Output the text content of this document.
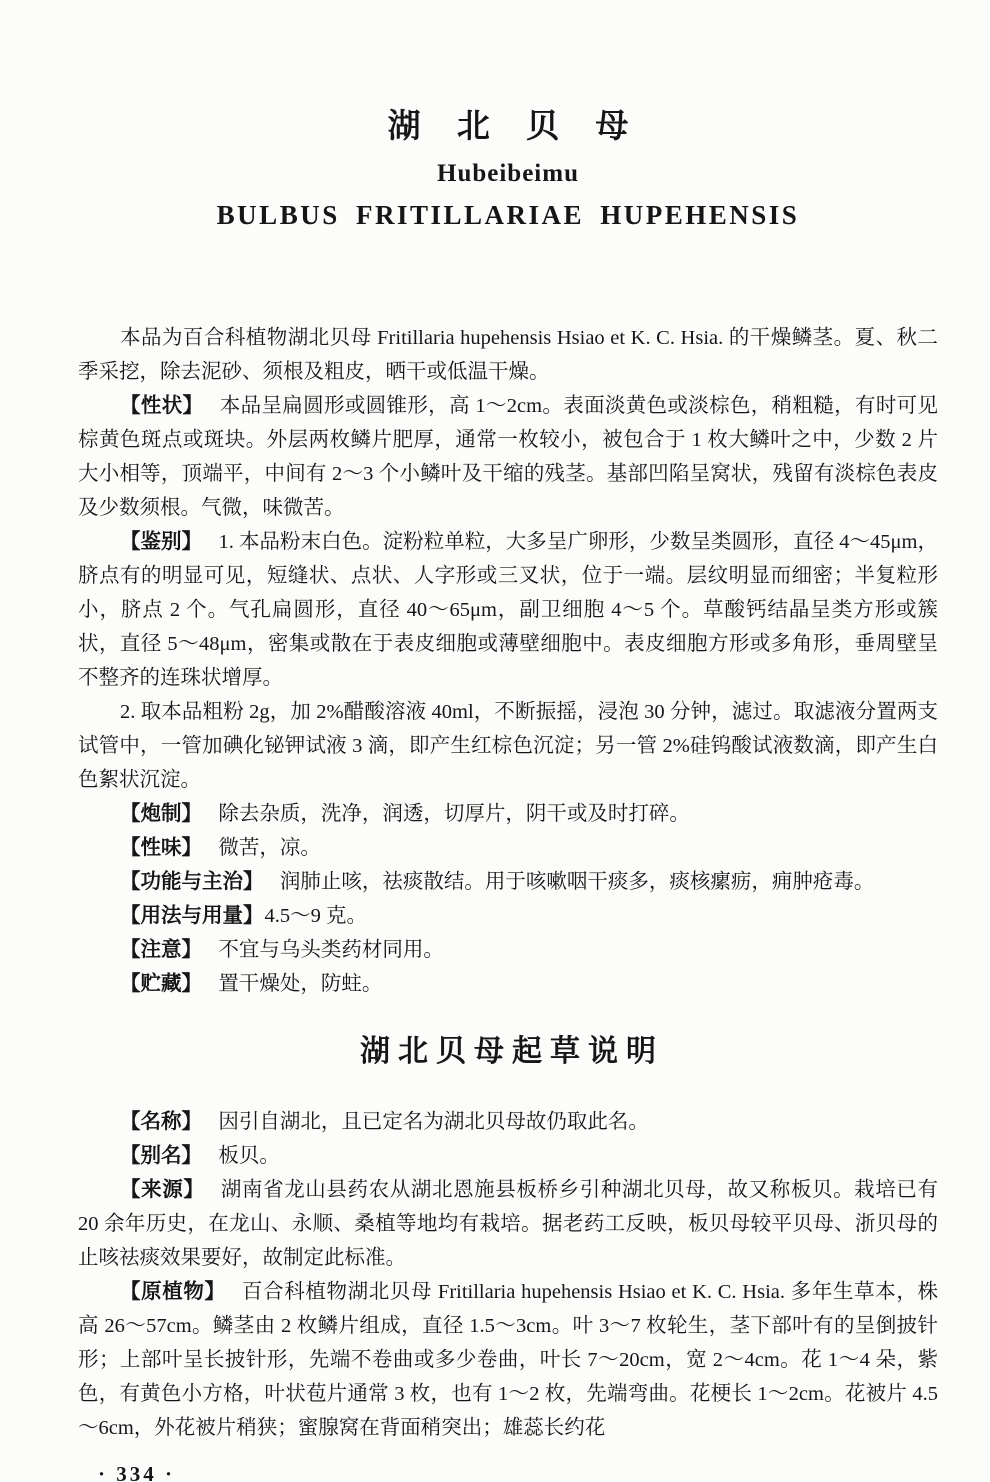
湖 北 贝 母
Hubeibeimu
BULBUS FRITILLARIAE HUPEHENSIS

本品为百合科植物湖北贝母 Fritillaria hupehensis Hsiao et K. C. Hsia. 的干燥鳞茎。夏、秋二季采挖，除去泥砂、须根及粗皮，晒干或低温干燥。

【性状】 本品呈扁圆形或圆锥形，高 1～2cm。表面淡黄色或淡棕色，稍粗糙，有时可见棕黄色斑点或斑块。外层两枚鳞片肥厚，通常一枚较小，被包合于 1 枚大鳞叶之中，少数 2 片大小相等，顶端平，中间有 2～3 个小鳞叶及干缩的残茎。基部凹陷呈窝状，残留有淡棕色表皮及少数须根。气微，味微苦。

【鉴别】 1. 本品粉末白色。淀粉粒单粒，大多呈广卵形，少数呈类圆形，直径 4～45μm，脐点有的明显可见，短缝状、点状、人字形或三叉状，位于一端。层纹明显而细密；半复粒形小，脐点 2 个。气孔扁圆形，直径 40～65μm，副卫细胞 4～5 个。草酸钙结晶呈类方形或簇状，直径 5～48μm，密集或散在于表皮细胞或薄壁细胞中。表皮细胞方形或多角形，垂周壁呈不整齐的连珠状增厚。

2. 取本品粗粉 2g，加 2%醋酸溶液 40ml，不断振摇，浸泡 30 分钟，滤过。取滤液分置两支试管中，一管加碘化铋钾试液 3 滴，即产生红棕色沉淀；另一管 2%硅钨酸试液数滴，即产生白色絮状沉淀。

【炮制】 除去杂质，洗净，润透，切厚片，阴干或及时打碎。

【性味】 微苦，凉。

【功能与主治】 润肺止咳，祛痰散结。用于咳嗽咽干痰多，痰核瘰疬，痈肿疮毒。

【用法与用量】4.5～9 克。

【注意】 不宜与乌头类药材同用。

【贮藏】 置干燥处，防蛀。

湖北贝母起草说明

【名称】 因引自湖北，且已定名为湖北贝母故仍取此名。

【别名】 板贝。

【来源】 湖南省龙山县药农从湖北恩施县板桥乡引种湖北贝母，故又称板贝。栽培已有 20 余年历史，在龙山、永顺、桑植等地均有栽培。据老药工反映，板贝母较平贝母、浙贝母的止咳祛痰效果要好，故制定此标准。

【原植物】 百合科植物湖北贝母 Fritillaria hupehensis Hsiao et K. C. Hsia. 多年生草本，株高 26～57cm。鳞茎由 2 枚鳞片组成，直径 1.5～3cm。叶 3～7 枚轮生，茎下部叶有的呈倒披针形；上部叶呈长披针形，先端不卷曲或多少卷曲，叶长 7～20cm，宽 2～4cm。花 1～4 朵，紫色，有黄色小方格，叶状苞片通常 3 枚，也有 1～2 枚，先端弯曲。花梗长 1～2cm。花被片 4.5～6cm，外花被片稍狭；蜜腺窝在背面稍突出；雄蕊长约花

· 334 ·
